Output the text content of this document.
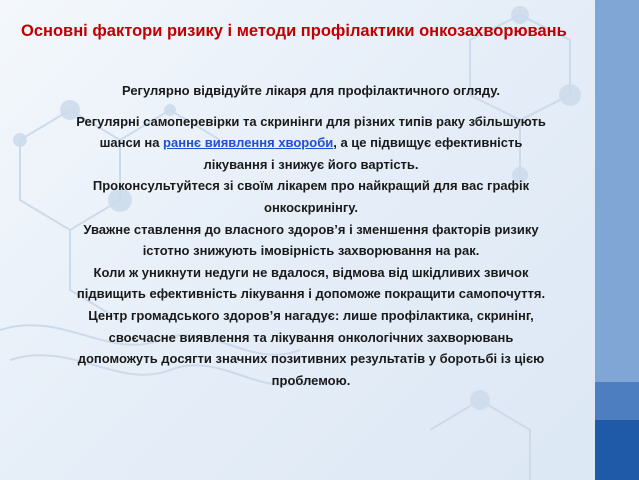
Основні фактори ризику і методи профілактики онкозахворювань

Регулярно відвідуйте лікаря для профілактичного огляду.

Регулярні самоперевірки та скринінги для різних типів раку збільшують шанси на раннє виявлення хвороби, а це підвищує ефективність лікування і знижує його вартість.

Проконсультуйтеся зі своїм лікарем про найкращий для вас графік онкоскринінгу.

Уважне ставлення до власного здоров’я і зменшення факторів ризику істотно знижують імовірність захворювання на рак.

Коли ж уникнути недуги не вдалося, відмова від шкідливих звичок підвищить ефективність лікування і допоможе покращити самопочуття.

Центр громадського здоров’я нагадує: лише профілактика, скринінг, своєчасне виявлення та лікування онкологічних захворювань допоможуть досягти значних позитивних результатів у боротьбі із цією проблемою.
